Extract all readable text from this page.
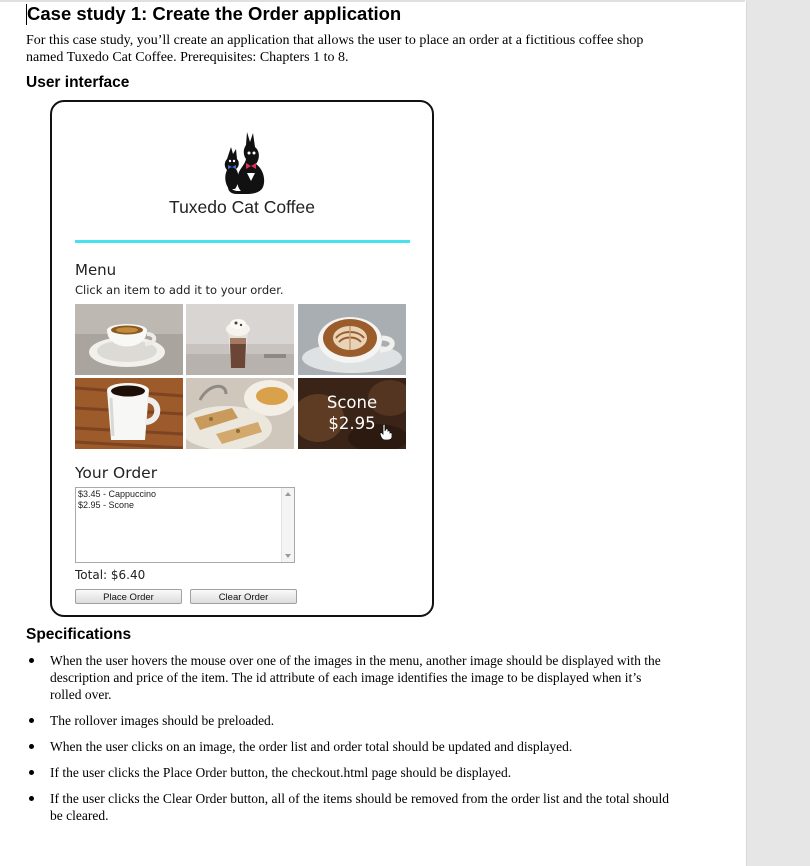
Case study 1: Create the Order application
For this case study, you’ll create an application that allows the user to place an order at a fictitious coffee shop named Tuxedo Cat Coffee. Prerequisites: Chapters 1 to 8.
User interface
Tuxedo Cat Coffee
Menu
Click an item to add it to your order.
Scone
$2.95
Your Order
$3.45 - Cappuccino
$2.95 - Scone
Total: $6.40
Place Order	Clear Order
Specifications
When the user hovers the mouse over one of the images in the menu, another image should be displayed with the description and price of the item. The id attribute of each image identifies the image to be displayed when it’s rolled over.
The rollover images should be preloaded.
When the user clicks on an image, the order list and order total should be updated and displayed.
If the user clicks the Place Order button, the checkout.html page should be displayed.
If the user clicks the Clear Order button, all of the items should be removed from the order list and the total should be cleared.
